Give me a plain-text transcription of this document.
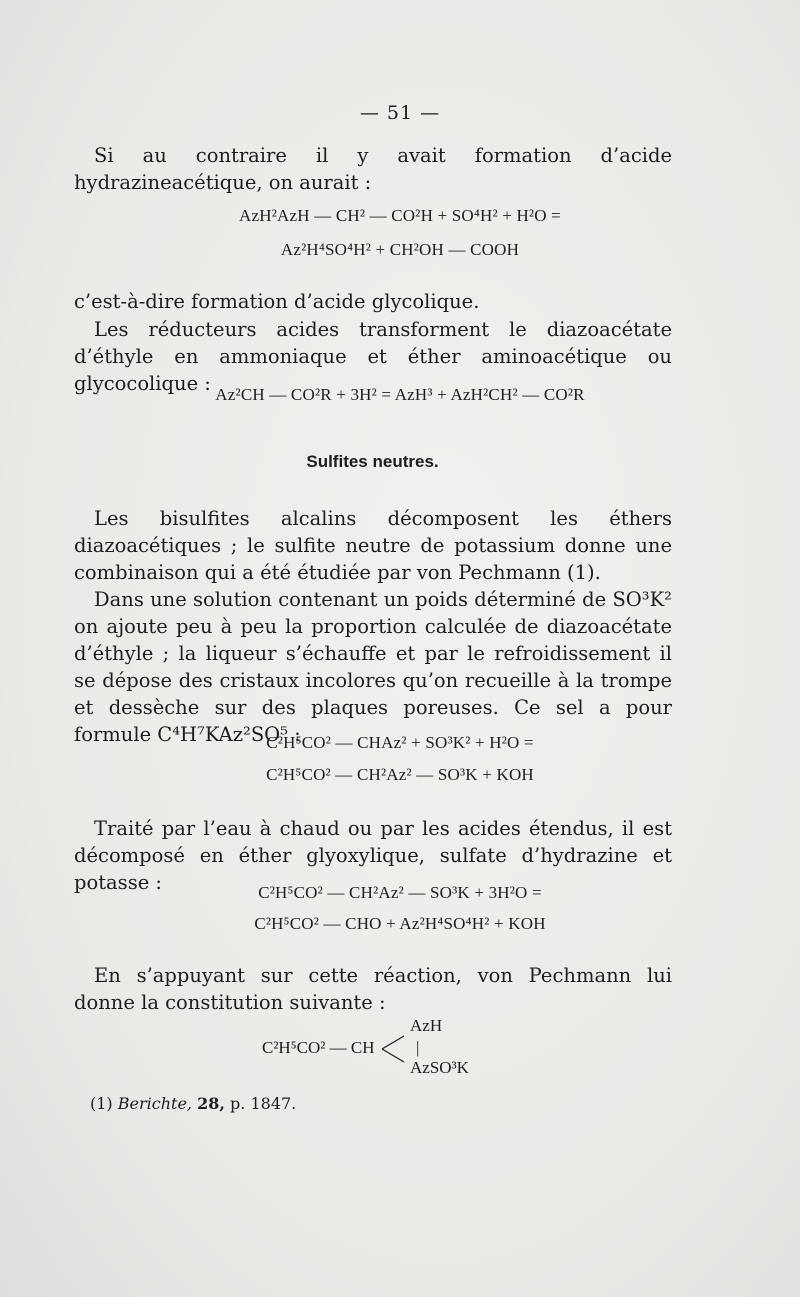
— 51 —
Si au contraire il y avait formation d’acide hydrazineacétique, on aurait :
AzH²AzH — CH² — CO²H + SO⁴H² + H²O =
Az²H⁴SO⁴H² + CH²OH — COOH
c’est-à-dire formation d’acide glycolique.
Les réducteurs acides transforment le diazoacétate d’éthyle en ammoniaque et éther aminoacétique ou glycocolique : Az²CH — CO²R + 3H² = AzH³ + AzH²CH² — CO²R
Sulfites neutres.
Les bisulfites alcalins décomposent les éthers diazoacétiques ; le sulfite neutre de potassium donne une combinaison qui a été étudiée par von Pechmann (1).
Dans une solution contenant un poids déterminé de SO³K² on ajoute peu à peu la proportion calculée de diazoacétate d’éthyle ; la liqueur s’échauffe et par le refroidissement il se dépose des cristaux incolores qu’on recueille à la trompe et dessèche sur des plaques poreuses. Ce sel a pour formule C⁴H⁷KAz²SO⁵ :
C²H⁵CO² — CHAz² + SO³K² + H²O =
C²H⁵CO² — CH²Az² — SO³K + KOH
Traité par l’eau à chaud ou par les acides étendus, il est décomposé en éther glyoxylique, sulfate d’hydrazine et potasse :	C²H⁵CO² — CH²Az² — SO³K + 3H²O =
C²H⁵CO² — CHO + Az²H⁴SO⁴H² + KOH
En s’appuyant sur cette réaction, von Pechmann lui donne la constitution suivante :
C²H⁵CO² — CH
AzH
|
AzSO³K
(1) Berichte, 28, p. 1847.
